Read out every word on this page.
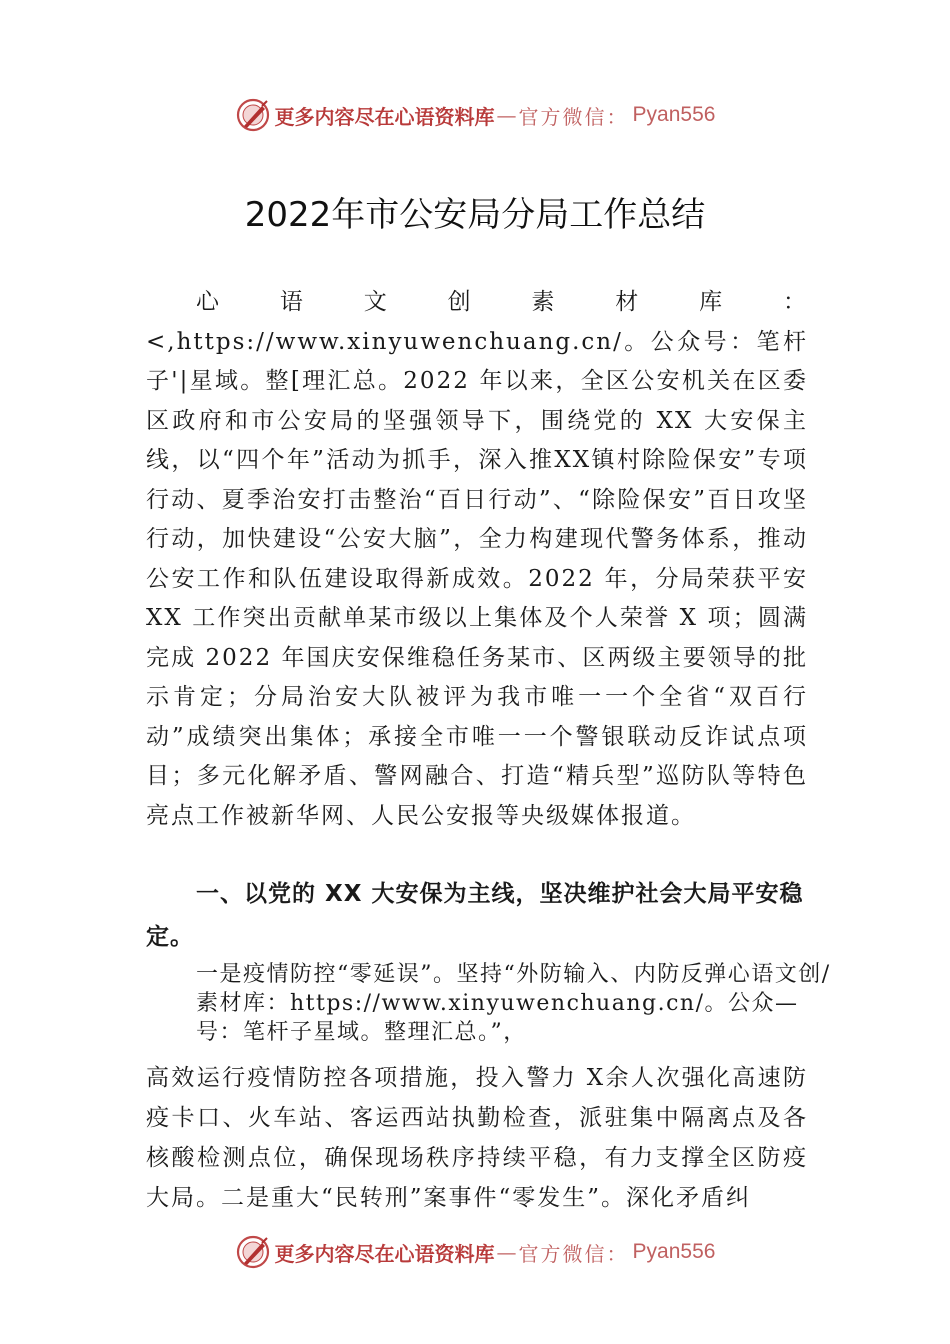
更多内容尽在心语资料库 — 官方微信 ： Pyan556
2022年市公安局分局工作总结
心 语 文 创 素 材 库 ： <,https://www.xinyuwenchuang.cn/。公众号：笔杆子'|星域。整[理汇总。2022 年以来，全区公安机关在区委区政府和市公安局的坚强领导下，围绕党的 XX 大安保主线，以“四个年”活动为抓手，深入推XX镇村除险保安”专项行动、夏季治安打击整治“百日行动”、“除险保安”百日攻坚行动，加快建设“公安大脑”，全力构建现代警务体系，推动公安工作和队伍建设取得新成效。2022 年，分局荣获平安 XX 工作突出贡献单某市级以上集体及个人荣誉 X 项；圆满完成 2022 年国庆安保维稳任务某市、区两级主要领导的批示肯定；分局治安大队被评为我市唯一一个全省“双百行动”成绩突出集体；承接全市唯一一个警银联动反诈试点项目；多元化解矛盾、警网融合、打造“精兵型”巡防队等特色亮点工作被新华网、人民公安报等央级媒体报道。
一、以党的 XX 大安保为主线，坚决维护社会大局平安稳定。
一是疫情防控“零延误”。坚持“外防输入、内防反弹心语文创/素材库：https://www.xinyuwenchuang.cn/。公众—号：笔杆子星域。整理汇总。”，
高效运行疫情防控各项措施，投入警力 X余人次强化高速防疫卡口、火车站、客运西站执勤检查，派驻集中隔离点及各核酸检测点位，确保现场秩序持续平稳，有力支撑全区防疫大局。二是重大“民转刑”案事件“零发生”。深化矛盾纠
更多内容尽在心语资料库 — 官方微信 ： Pyan556
